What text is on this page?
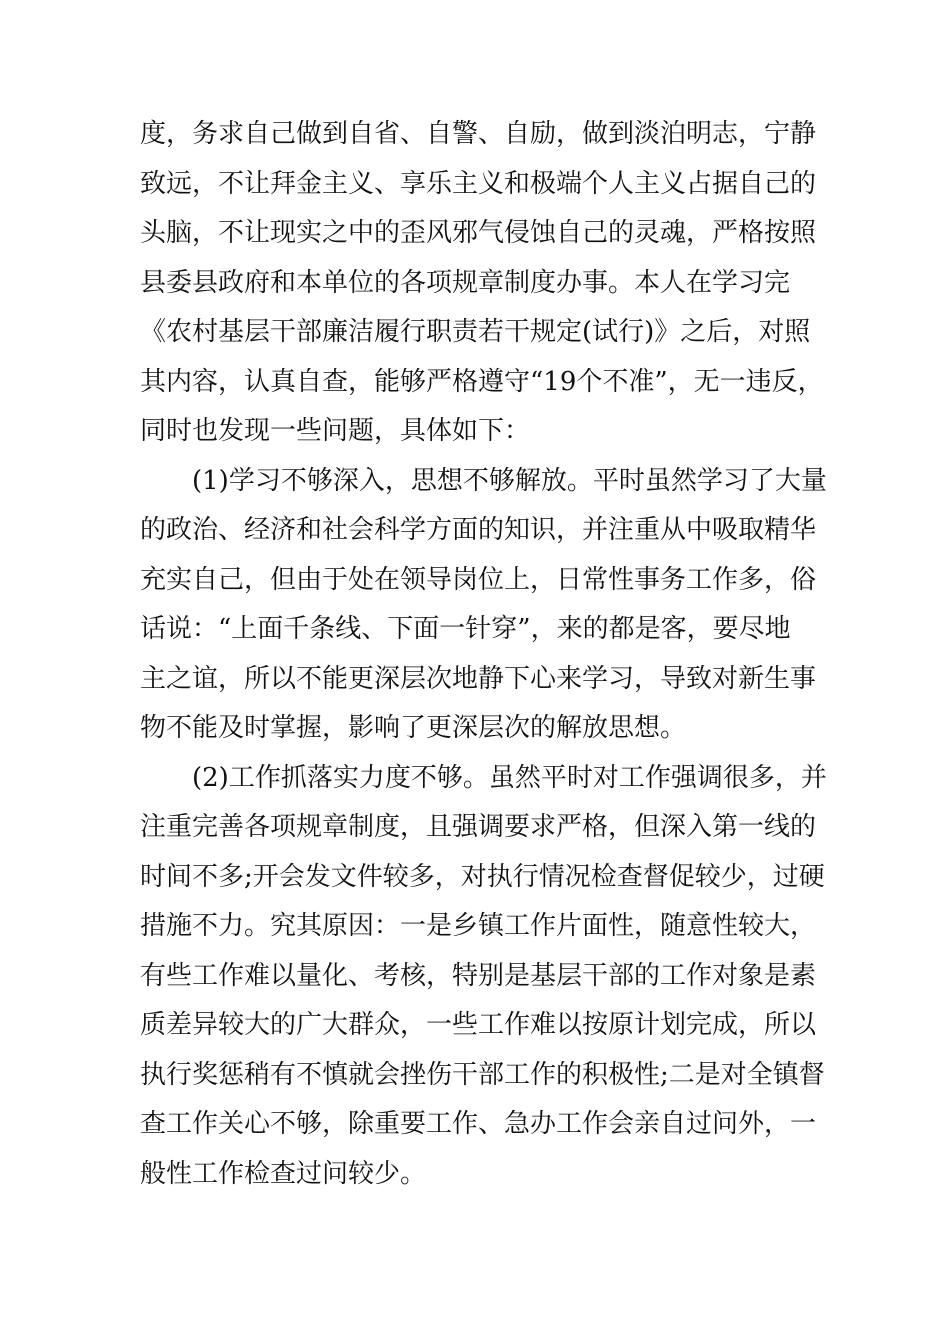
度，务求自己做到自省、自警、自励，做到淡泊明志，宁静
致远，不让拜金主义、享乐主义和极端个人主义占据自己的
头脑，不让现实之中的歪风邪气侵蚀自己的灵魂，严格按照
县委县政府和本单位的各项规章制度办事。本人在学习完
《农村基层干部廉洁履行职责若干规定(试行)》之后，对照
其内容，认真自查，能够严格遵守“19个不准”，无一违反，
同时也发现一些问题，具体如下：
(1)学习不够深入，思想不够解放。平时虽然学习了大量
的政治、经济和社会科学方面的知识，并注重从中吸取精华
充实自己，但由于处在领导岗位上，日常性事务工作多，俗
话说：“上面千条线、下面一针穿”，来的都是客，要尽地
主之谊，所以不能更深层次地静下心来学习，导致对新生事
物不能及时掌握，影响了更深层次的解放思想。
(2)工作抓落实力度不够。虽然平时对工作强调很多，并
注重完善各项规章制度，且强调要求严格，但深入第一线的
时间不多;开会发文件较多，对执行情况检查督促较少，过硬
措施不力。究其原因：一是乡镇工作片面性，随意性较大，
有些工作难以量化、考核，特别是基层干部的工作对象是素
质差异较大的广大群众，一些工作难以按原计划完成，所以
执行奖惩稍有不慎就会挫伤干部工作的积极性;二是对全镇督
查工作关心不够，除重要工作、急办工作会亲自过问外，一
般性工作检查过问较少。
